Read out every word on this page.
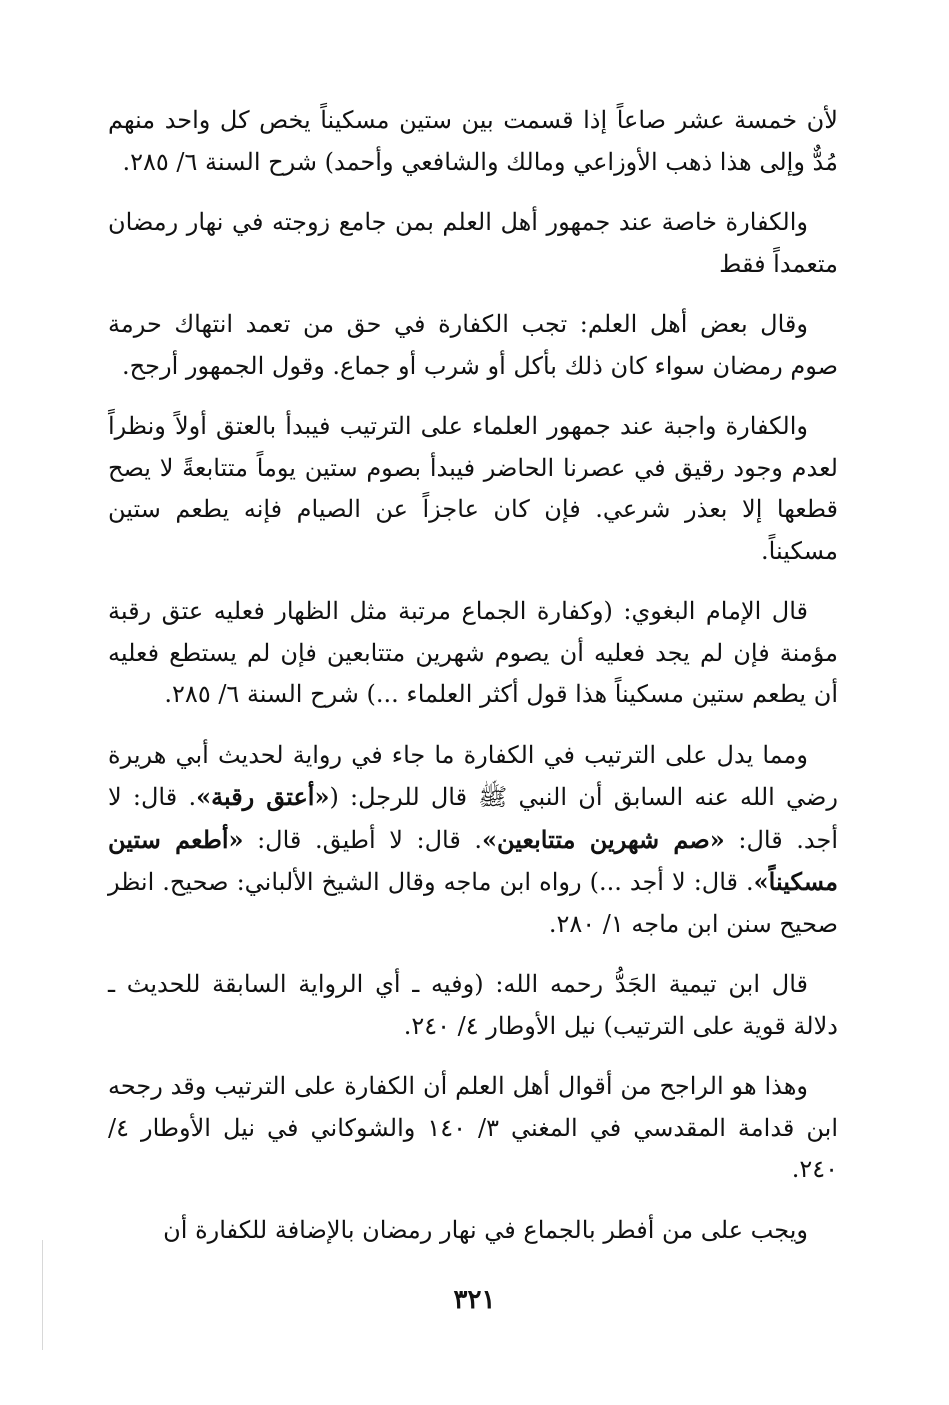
لأن خمسة عشر صاعاً إذا قسمت بين ستين مسكيناً يخص كل واحد منهم مُدٌّ وإلى هذا ذهب الأوزاعي ومالك والشافعي وأحمد) شرح السنة ٦/ ٢٨٥.

والكفارة خاصة عند جمهور أهل العلم بمن جامع زوجته في نهار رمضان متعمداً فقط

وقال بعض أهل العلم: تجب الكفارة في حق من تعمد انتهاك حرمة صوم رمضان سواء كان ذلك بأكل أو شرب أو جماع. وقول الجمهور أرجح.

والكفارة واجبة عند جمهور العلماء على الترتيب فيبدأ بالعتق أولاً ونظراً لعدم وجود رقيق في عصرنا الحاضر فيبدأ بصوم ستين يوماً متتابعةً لا يصح قطعها إلا بعذر شرعي. فإن كان عاجزاً عن الصيام فإنه يطعم ستين مسكيناً.

قال الإمام البغوي: (وكفارة الجماع مرتبة مثل الظهار فعليه عتق رقبة مؤمنة فإن لم يجد فعليه أن يصوم شهرين متتابعين فإن لم يستطع فعليه أن يطعم ستين مسكيناً هذا قول أكثر العلماء ...) شرح السنة ٦/ ٢٨٥.

ومما يدل على الترتيب في الكفارة ما جاء في رواية لحديث أبي هريرة رضي الله عنه السابق أن النبي ﷺ قال للرجل: («أعتق رقبة». قال: لا أجد. قال: «صم شهرين متتابعين». قال: لا أطيق. قال: «أطعم ستين مسكيناً». قال: لا أجد ...) رواه ابن ماجه وقال الشيخ الألباني: صحيح. انظر صحيح سنن ابن ماجه ١/ ٢٨٠.

قال ابن تيمية الجَدُّ رحمه الله: (وفيه ـ أي الرواية السابقة للحديث ـ دلالة قوية على الترتيب) نيل الأوطار ٤/ ٢٤٠.

وهذا هو الراجح من أقوال أهل العلم أن الكفارة على الترتيب وقد رجحه ابن قدامة المقدسي في المغني ٣/ ١٤٠ والشوكاني في نيل الأوطار ٤/ ٢٤٠.

ويجب على من أفطر بالجماع في نهار رمضان بالإضافة للكفارة أن

٣٢١
